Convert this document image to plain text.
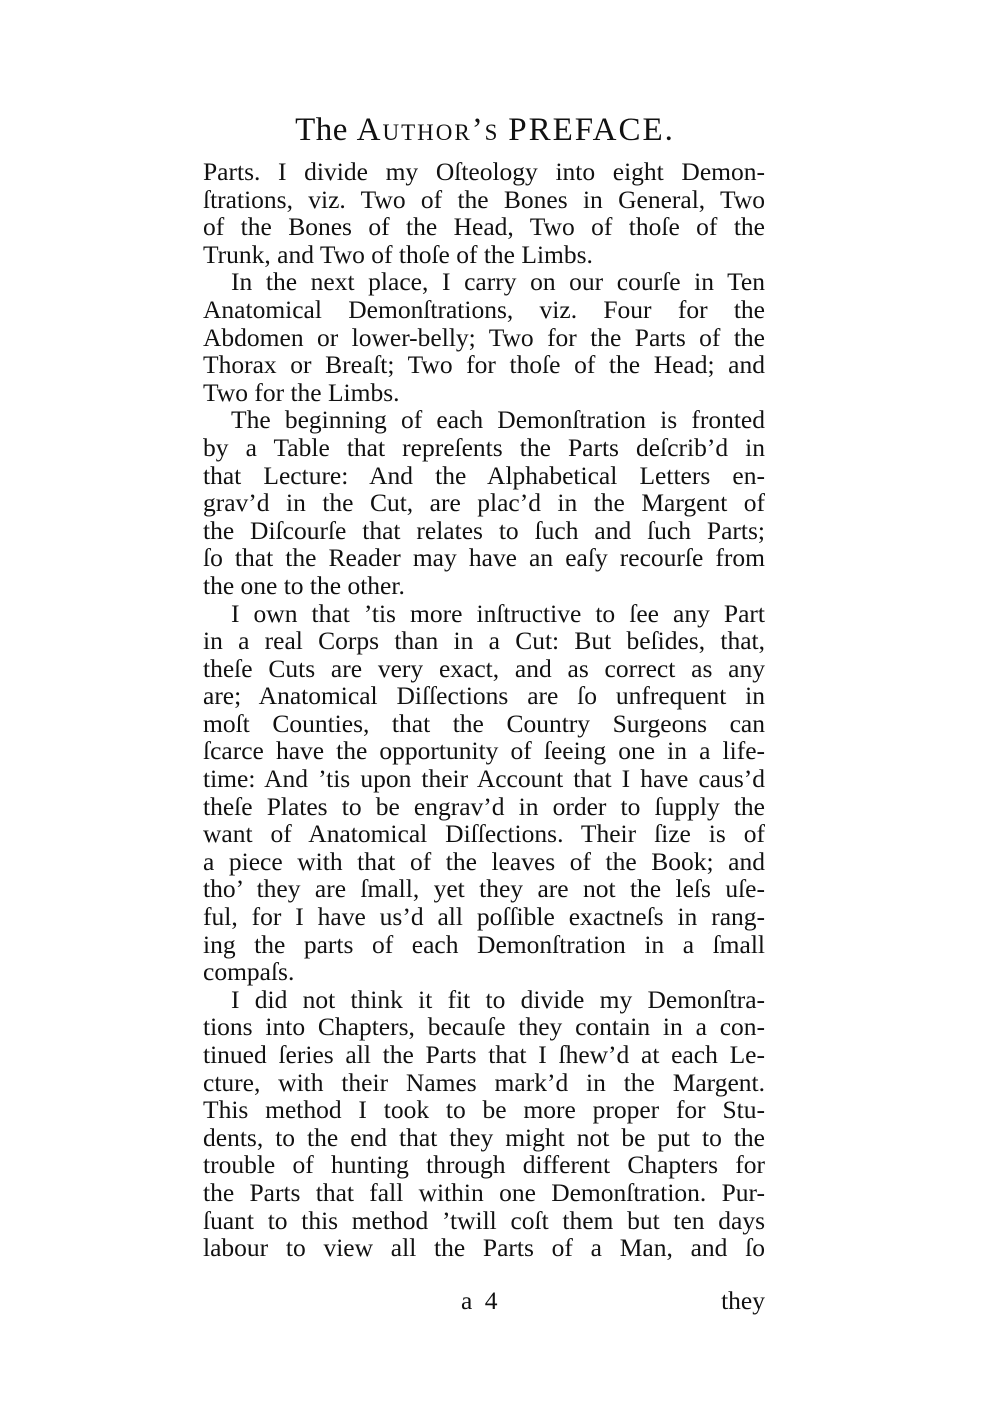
The Author’s PREFACE.
Parts. I divide my Oſteology into eight Demon-
ſtrations, viz. Two of the Bones in General, Two
of the Bones of the Head, Two of thoſe of the
Trunk, and Two of thoſe of the Limbs.
In the next place, I carry on our courſe in Ten
Anatomical Demonſtrations, viz. Four for the
Abdomen or lower-belly; Two for the Parts of the
Thorax or Breaſt; Two for thoſe of the Head; and
Two for the Limbs.
The beginning of each Demonſtration is fronted
by a Table that repreſents the Parts deſcrib’d in
that Lecture: And the Alphabetical Letters en-
grav’d in the Cut, are plac’d in the Margent of
the Diſcourſe that relates to ſuch and ſuch Parts;
ſo that the Reader may have an eaſy recourſe from
the one to the other.
I own that ’tis more inſtructive to ſee any Part
in a real Corps than in a Cut: But beſides, that,
theſe Cuts are very exact, and as correct as any
are; Anatomical Diſſections are ſo unfrequent in
moſt Counties, that the Country Surgeons can
ſcarce have the opportunity of ſeeing one in a life-
time: And ’tis upon their Account that I have caus’d
theſe Plates to be engrav’d in order to ſupply the
want of Anatomical Diſſections. Their ſize is of
a piece with that of the leaves of the Book; and
tho’ they are ſmall, yet they are not the leſs uſe-
ful, for I have us’d all poſſible exactneſs in rang-
ing the parts of each Demonſtration in a ſmall
compaſs.
I did not think it fit to divide my Demonſtra-
tions into Chapters, becauſe they contain in a con-
tinued ſeries all the Parts that I ſhew’d at each Le-
cture, with their Names mark’d in the Margent.
This method I took to be more proper for Stu-
dents, to the end that they might not be put to the
trouble of hunting through different Chapters for
the Parts that fall within one Demonſtration. Pur-
ſuant to this method ’twill coſt them but ten days
labour to view all the Parts of a Man, and ſo
a 4	they
